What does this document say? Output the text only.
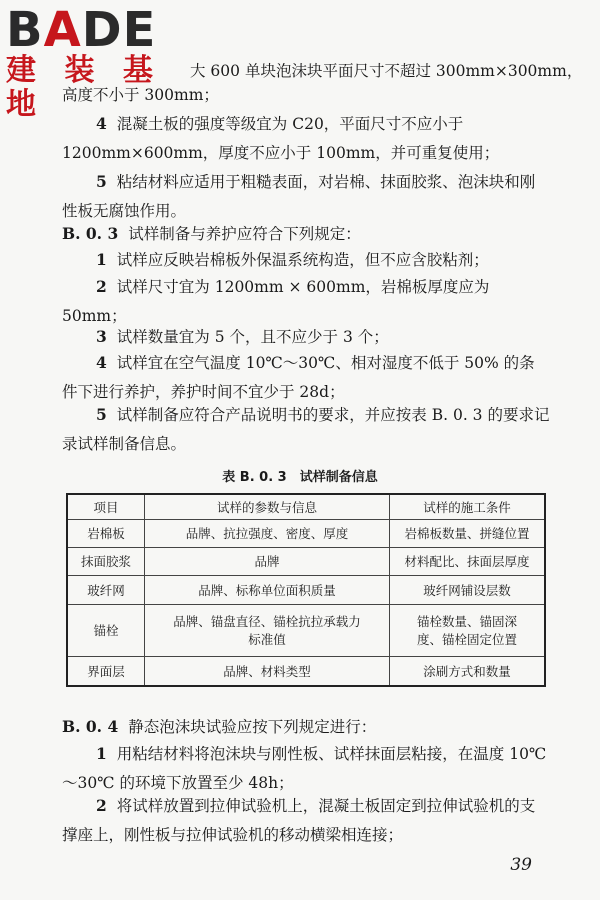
BADE
建 装 基 地
大 600 单块泡沫块平面尺寸不超过 300mm×300mm，
高度不小于 300mm；
4 混凝土板的强度等级宜为 C20，平面尺寸不应小于 1200mm×600mm，厚度不应小于 100mm，并可重复使用；
5 粘结材料应适用于粗糙表面，对岩棉、抹面胶浆、泡沫块和刚性板无腐蚀作用。
B. 0. 3 试样制备与养护应符合下列规定：
1 试样应反映岩棉板外保温系统构造，但不应含胶粘剂；
2 试样尺寸宜为 1200mm × 600mm，岩棉板厚度应为 50mm；
3 试样数量宜为 5 个，且不应少于 3 个；
4 试样宜在空气温度 10℃～30℃、相对湿度不低于 50% 的条件下进行养护，养护时间不宜少于 28d；
5 试样制备应符合产品说明书的要求，并应按表 B. 0. 3 的要求记录试样制备信息。
表 B. 0. 3　试样制备信息
项目	试样的参数与信息	试样的施工条件
岩棉板	品牌、抗拉强度、密度、厚度	岩棉板数量、拼缝位置
抹面胶浆	品牌	材料配比、抹面层厚度
玻纤网	品牌、标称单位面积质量	玻纤网铺设层数
锚栓	品牌、锚盘直径、锚栓抗拉承载力标准值	锚栓数量、锚固深度、锚栓固定位置
界面层	品牌、材料类型	涂刷方式和数量
B. 0. 4 静态泡沫块试验应按下列规定进行：
1 用粘结材料将泡沫块与刚性板、试样抹面层粘接，在温度 10℃～30℃ 的环境下放置至少 48h；
2 将试样放置到拉伸试验机上，混凝土板固定到拉伸试验机的支撑座上，刚性板与拉伸试验机的移动横梁相连接；
39
